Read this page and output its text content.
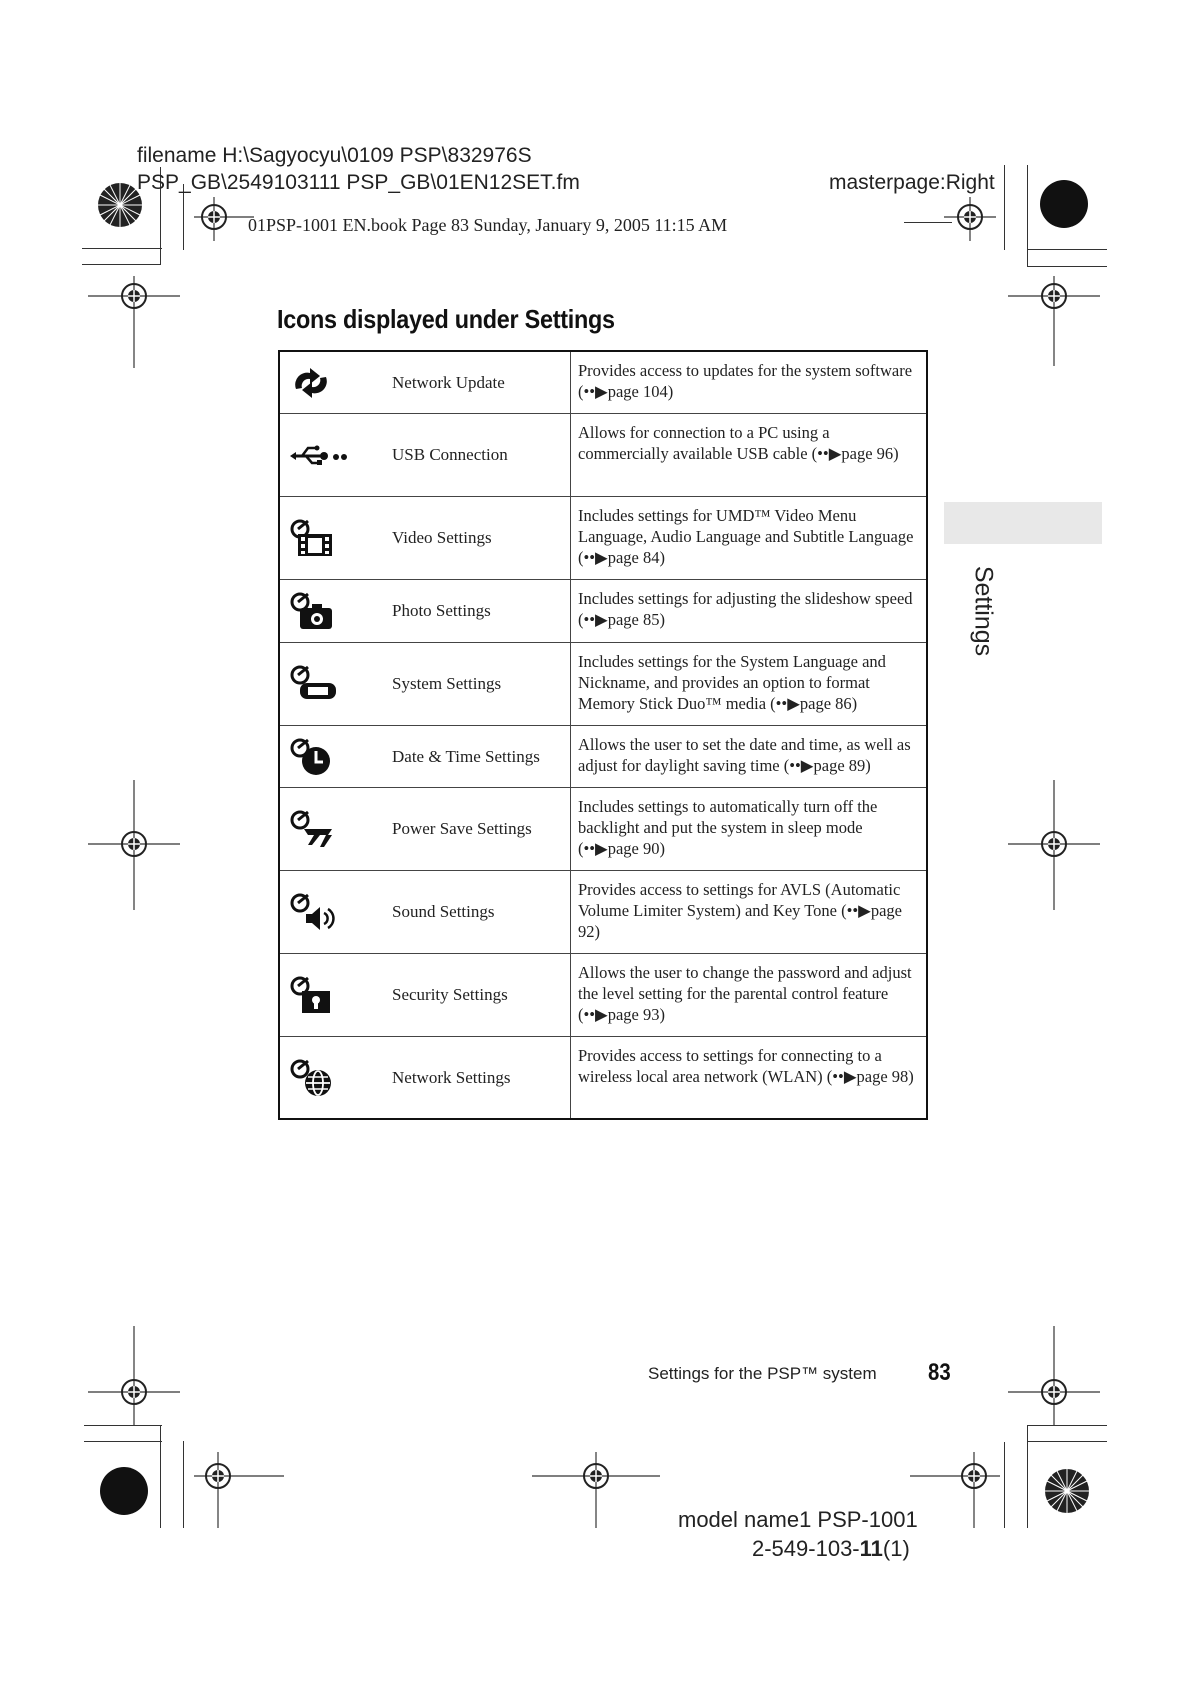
filename H:\Sagyocyu\0109 PSP\832976S
PSP_GB\2549103111 PSP_GB\01EN12SET.fm	masterpage:Right
01PSP-1001 EN.book Page 83 Sunday, January 9, 2005 11:15 AM
Icons displayed under Settings
Network Update
Provides access to updates for the system software (••▶page 104)
USB Connection
Allows for connection to a PC using a commercially available USB cable (••▶page 96)
Video Settings
Includes settings for UMD™ Video Menu Language, Audio Language and Subtitle Language (••▶page 84)
Photo Settings
Includes settings for adjusting the slideshow speed (••▶page 85)
System Settings
Includes settings for the System Language and Nickname, and provides an option to format Memory Stick Duo™ media (••▶page 86)
Date & Time Settings
Allows the user to set the date and time, as well as adjust for daylight saving time (••▶page 89)
Power Save Settings
Includes settings to automatically turn off the backlight and put the system in sleep mode (••▶page 90)
Sound Settings
Provides access to settings for AVLS (Automatic Volume Limiter System) and Key Tone (••▶page 92)
Security Settings
Allows the user to change the password and adjust the level setting for the parental control feature (••▶page 93)
Network Settings
Provides access to settings for connecting to a wireless local area network (WLAN) (••▶page 98)
Settings
Settings for the PSP™ system 83
model name1 PSP-1001
2-549-103-11(1)
